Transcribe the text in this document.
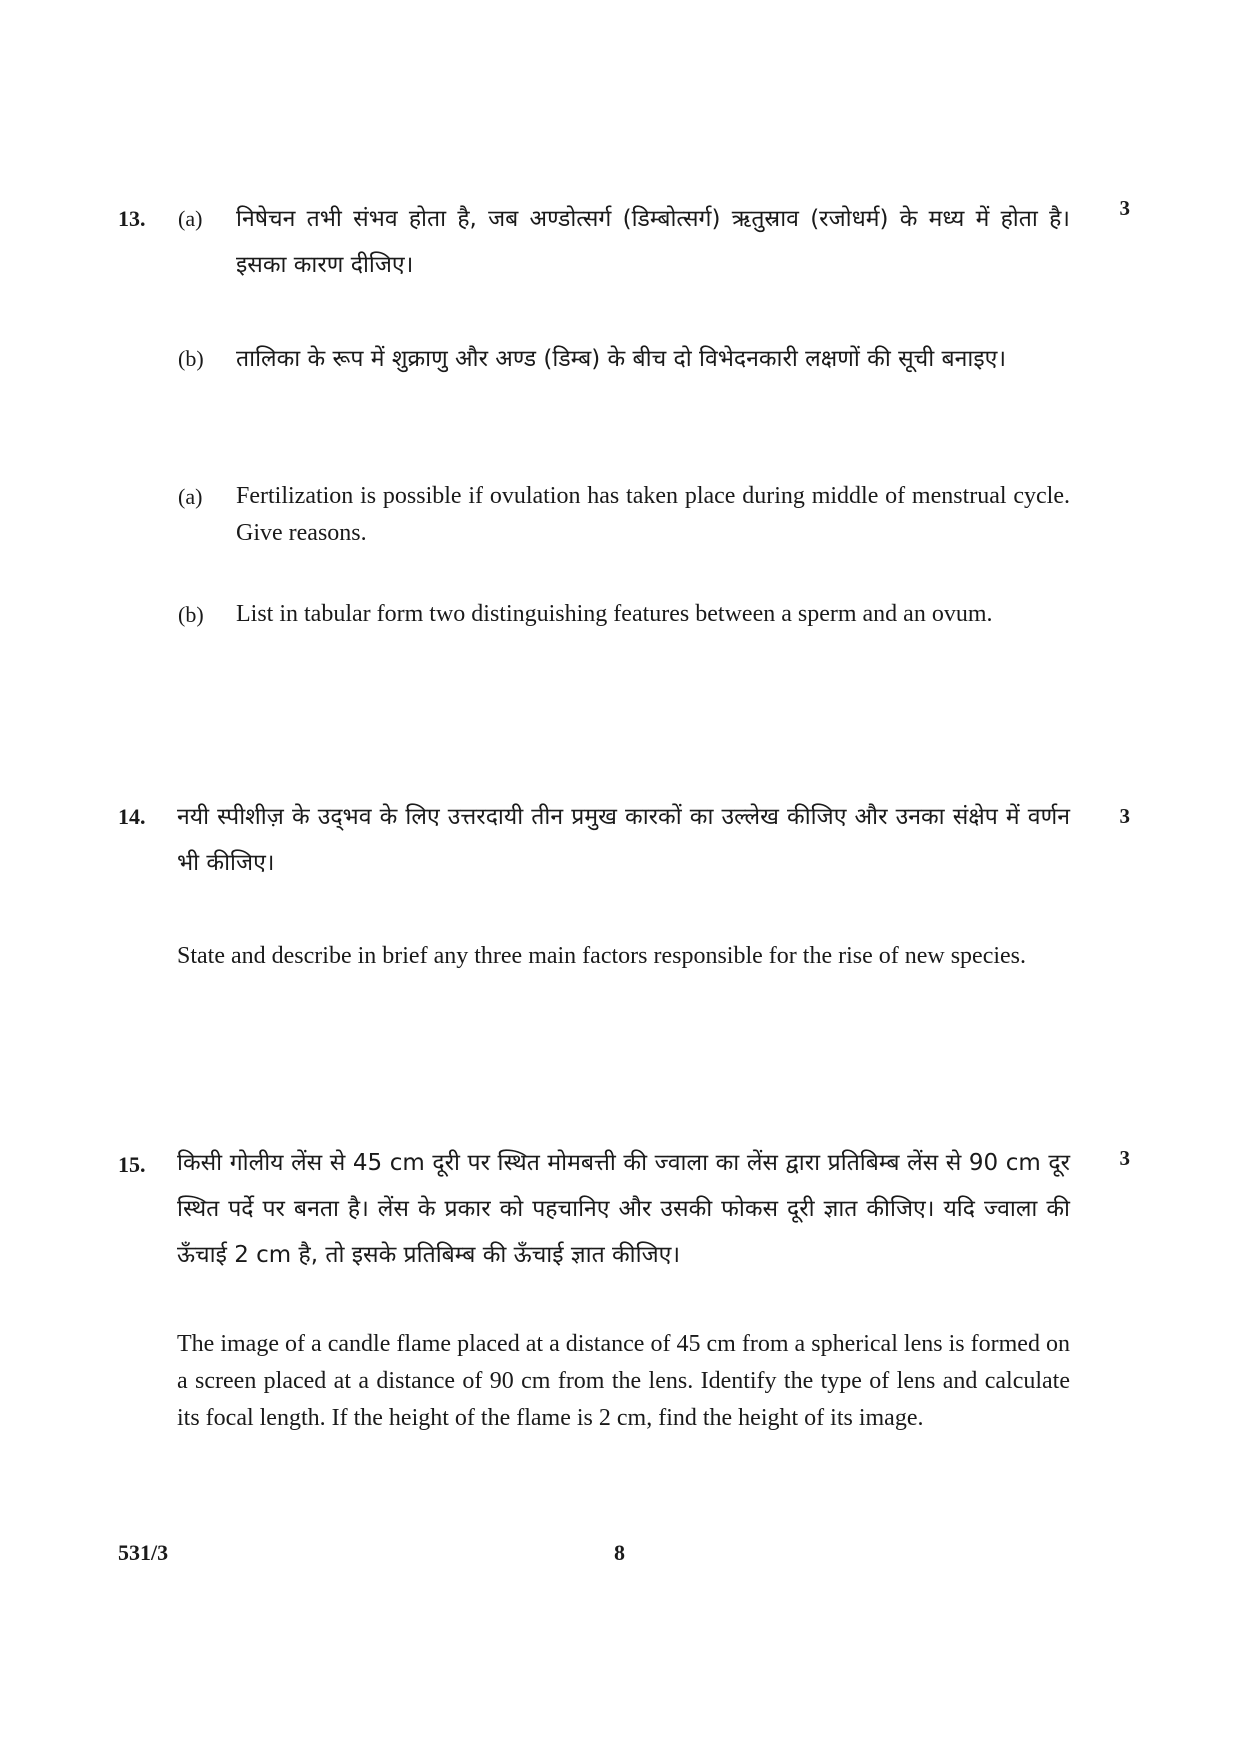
13.	3
(a) निषेचन तभी संभव होता है, जब अण्डोत्सर्ग (डिम्बोत्सर्ग) ऋतुस्राव (रजोधर्म) के मध्य में होता है। इसका कारण दीजिए।
(b) तालिका के रूप में शुक्राणु और अण्ड (डिम्ब) के बीच दो विभेदनकारी लक्षणों की सूची बनाइए।
(a) Fertilization is possible if ovulation has taken place during middle of menstrual cycle. Give reasons.
(b) List in tabular form two distinguishing features between a sperm and an ovum.
14.	3
नयी स्पीशीज़ के उद्‌भव के लिए उत्तरदायी तीन प्रमुख कारकों का उल्लेख कीजिए और उनका संक्षेप में वर्णन भी कीजिए।
State and describe in brief any three main factors responsible for the rise of new species.
15.	3
किसी गोलीय लेंस से 45 cm दूरी पर स्थित मोमबत्ती की ज्वाला का लेंस द्वारा प्रतिबिम्ब लेंस से 90 cm दूर स्थित पर्दे पर बनता है। लेंस के प्रकार को पहचानिए और उसकी फोकस दूरी ज्ञात कीजिए। यदि ज्वाला की ऊँचाई 2 cm है, तो इसके प्रतिबिम्ब की ऊँचाई ज्ञात कीजिए।
The image of a candle flame placed at a distance of 45 cm from a spherical lens is formed on a screen placed at a distance of 90 cm from the lens. Identify the type of lens and calculate its focal length. If the height of the flame is 2 cm, find the height of its image.
531/3	8
